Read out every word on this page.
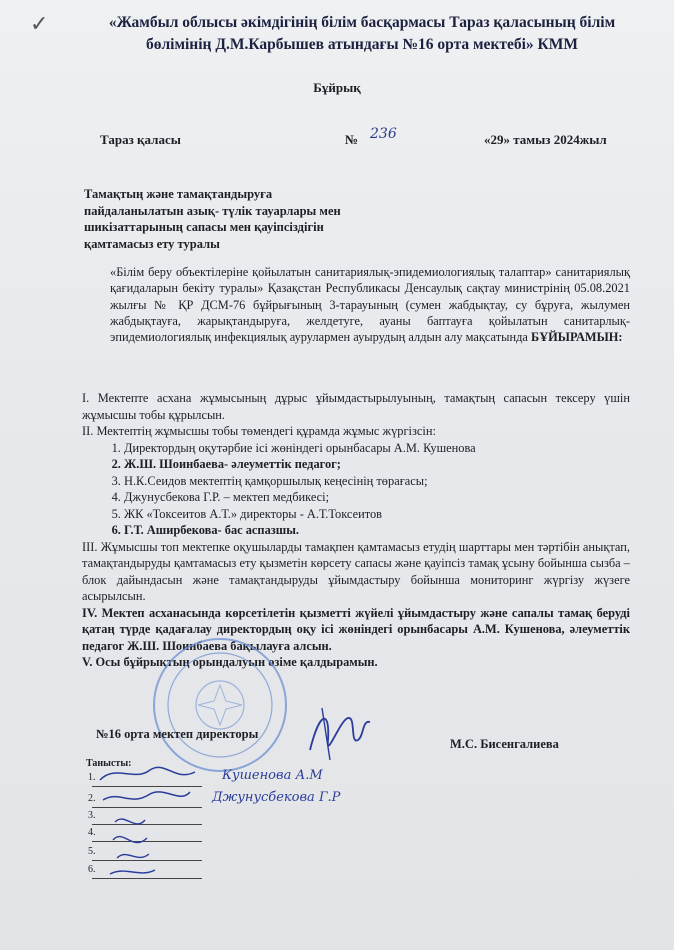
✓	«Жамбыл облысы әкімдігінің білім басқармасы Тараз қаласының білім
бөлімінің Д.М.Карбышев атындағы №16 орта мектебі» КММ
Бұйрық
Тараз қаласы	№ 236	«29» тамыз 2024жыл
Тамақтың және тамақтандыруға
пайдаланылатын азық- түлік тауарлары мен
шикізаттарының сапасы мен қауіпсіздігін
қамтамасыз ету туралы
«Білім беру объектілеріне қойылатын санитариялық-эпидемиологиялық талаптар» санитариялық қағидаларын бекіту туралы» Қазақстан Республикасы Денсаулық сақтау министрінің 05.08.2021 жылғы № ҚР ДСМ-76 бұйрығының 3-тарауының (сумен жабдықтау, су бұруға, жылумен жабдықтауға, жарықтандыруға, желдетуге, ауаны баптауға қойылатын санитарлық-эпидемиологиялық инфекциялық аурулармен ауырудың алдын алу мақсатында БҰЙЫРАМЫН:

I. Мектепте асхана жұмысының дұрыс ұйымдастырылуының, тамақтың сапасын тексеру үшін жұмысшы тобы құрылсын.

II. Мектептің жұмысшы тобы төмендегі құрамда жұмыс жүргізсін:

1. Директордың оқутәрбие ісі жөніндегі орынбасары А.М. Кушенова
2. Ж.Ш. Шоинбаева- әлеуметтік педагог;
3. Н.К.Сеидов мектептің қамқоршылық кеңесінің төрағасы;
4. Джунусбекова Г.Р. – мектеп медбикесі;
5. ЖК «Токсеитов А.Т.» директоры - А.Т.Токсеитов
6. Г.Т. Аширбекова- бас аспазшы.

III. Жұмысшы топ мектепке оқушыларды тамақпен қамтамасыз етудің шарттары мен тәртібін анықтап, тамақтандыруды қамтамасыз ету қызметін көрсету сапасы және қауіпсіз тамақ ұсыну бойынша сызба – блок дайындасын және тамақтандыруды ұйымдастыру бойынша мониторинг жүргізу жүзеге асырылсын.

IV. Мектеп асханасында көрсетілетін қызметті жүйелі ұйымдастыру және сапалы тамақ беруді қатаң түрде қадағалау директордың оқу ісі жөніндегі орынбасары А.М. Кушенова, әлеуметтік педагог Ж.Ш. Шоинбаева бақылауға алсын.

V. Осы бұйрықтың орындалуын өзіме қалдырамын.

№16 орта мектеп директоры
М.С. Бисенгалиева
Танысты:
1.
2.
3.
4.
5.
6.
Кушенова А.М
Джунусбекова Г.Р
